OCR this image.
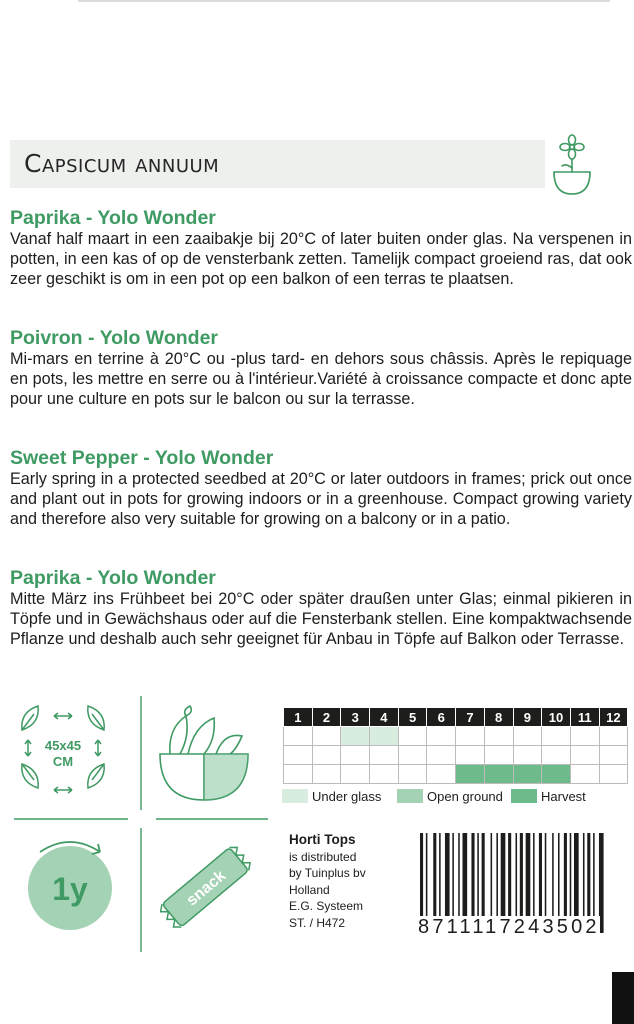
Capsicum annuum
Paprika - Yolo Wonder

Vanaf half maart in een zaaibakje bij 20°C of later buiten onder glas. Na verspenen in potten, in een kas of op de vensterbank zetten. Tamelijk compact groeiend ras, dat ook zeer geschikt is om in een pot op een balkon of een terras te plaatsen.

Poivron - Yolo Wonder

Mi-mars en terrine à 20°C ou -plus tard- en dehors sous châssis. Après le repiquage en pots, les mettre en serre ou à l'intérieur.Variété à croissance compacte et donc apte pour une culture en pots sur le balcon ou sur la terrasse.

Sweet Pepper - Yolo Wonder

Early spring in a protected seedbed at 20°C or later outdoors in frames; prick out once and plant out in pots for growing indoors or in a greenhouse. Compact growing variety and therefore also very suitable for growing on a balcony or in a patio.

Paprika - Yolo Wonder

Mitte März ins Frühbeet bei 20°C oder später draußen unter Glas; einmal pikieren in Töpfe und in Gewächshaus oder auf die Fensterbank stellen. Eine kompaktwachsende Pflanze und deshalb auch sehr geeignet für Anbau in Töpfe auf Balkon oder Terrasse.

45x45
CM
1y	snack
1	2	3	4	5	6	7	8	9	10	11	12

Under glass	Open ground	Harvest
Horti Tops
is distributed
by Tuinplus bv
Holland
E.G. Systeem
ST. / H472	8711117243502
